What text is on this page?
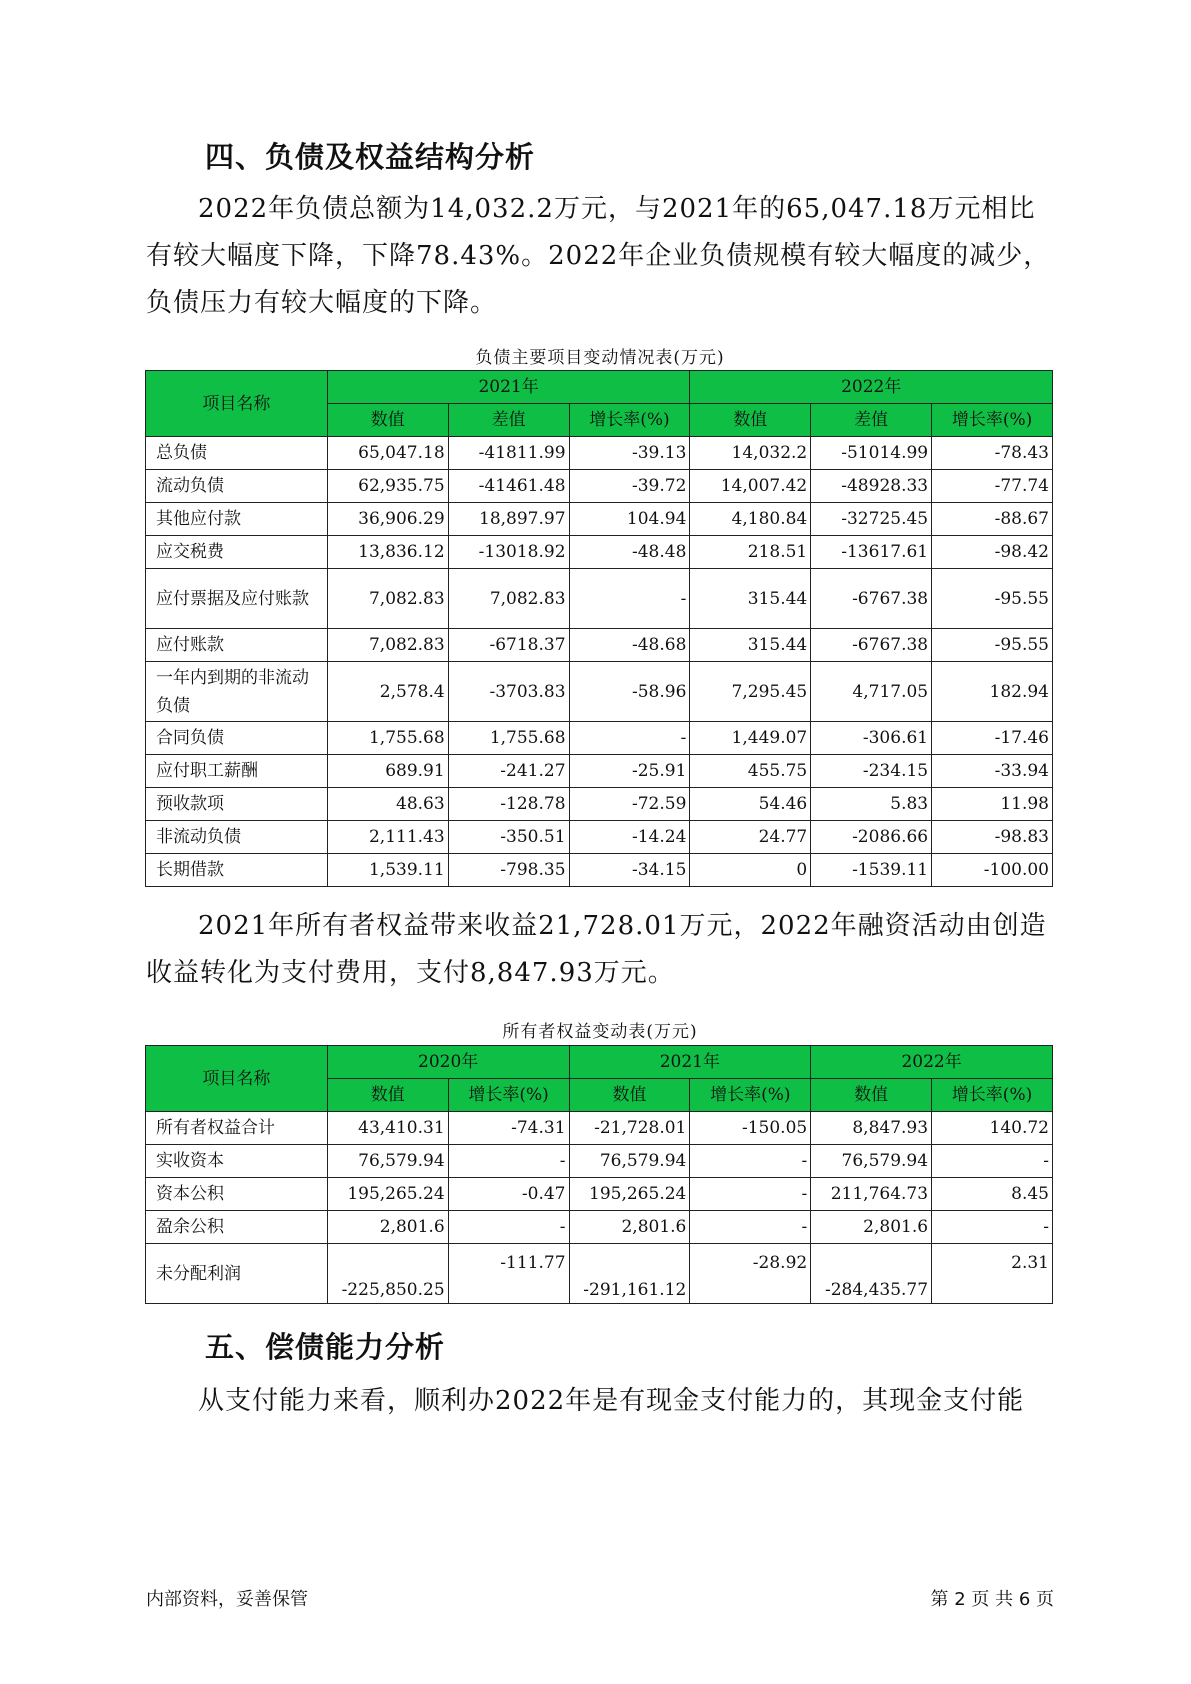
四、负债及权益结构分析

2022年负债总额为14,032.2万元，与2021年的65,047.18万元相比有较大幅度下降，下降78.43%。2022年企业负债规模有较大幅度的减少，负债压力有较大幅度的下降。

负债主要项目变动情况表(万元)
项目名称	2021年			2022年		
	数值	差值	增长率(%)	数值	差值	增长率(%)
总负债	65,047.18	-41811.99	-39.13	14,032.2	-51014.99	-78.43
流动负债	62,935.75	-41461.48	-39.72	14,007.42	-48928.33	-77.74
其他应付款	36,906.29	18,897.97	104.94	4,180.84	-32725.45	-88.67
应交税费	13,836.12	-13018.92	-48.48	218.51	-13617.61	-98.42
应付票据及应付账款	7,082.83	7,082.83	-	315.44	-6767.38	-95.55
应付账款	7,082.83	-6718.37	-48.68	315.44	-6767.38	-95.55
一年内到期的非流动负债	2,578.4	-3703.83	-58.96	7,295.45	4,717.05	182.94
合同负债	1,755.68	1,755.68	-	1,449.07	-306.61	-17.46
应付职工薪酬	689.91	-241.27	-25.91	455.75	-234.15	-33.94
预收款项	48.63	-128.78	-72.59	54.46	5.83	11.98
非流动负债	2,111.43	-350.51	-14.24	24.77	-2086.66	-98.83
长期借款	1,539.11	-798.35	-34.15	0	-1539.11	-100.00

2021年所有者权益带来收益21,728.01万元，2022年融资活动由创造收益转化为支付费用，支付8,847.93万元。

所有者权益变动表(万元)
项目名称	2020年		2021年		2022年	
	数值	增长率(%)	数值	增长率(%)	数值	增长率(%)
所有者权益合计	43,410.31	-74.31	-21,728.01	-150.05	8,847.93	140.72
实收资本	76,579.94	-	76,579.94	-	76,579.94	-
资本公积	195,265.24	-0.47	195,265.24	-	211,764.73	8.45
盈余公积	2,801.6	-	2,801.6	-	2,801.6	-
未分配利润	-225,850.25	-111.77	-291,161.12	-28.92	-284,435.77	2.31
五、偿债能力分析

从支付能力来看，顺利办2022年是有现金支付能力的，其现金支付能

内部资料，妥善保管	第 2 页 共 6 页
